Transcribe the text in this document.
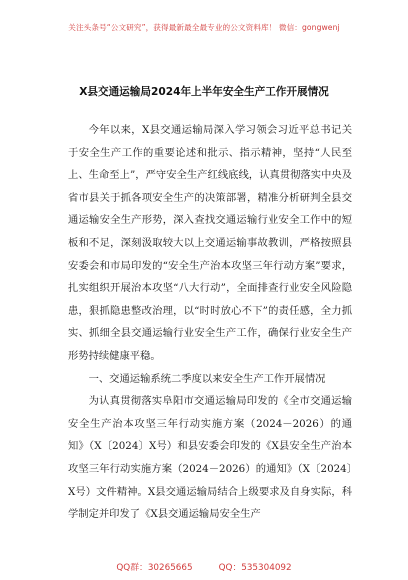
关注头条号“公文研究”，获得最新最全最专业的公文资料库！ 微信：gongwenj
X县交通运输局2024年上半年安全生产工作开展情况

今年以来，X县交通运输局深入学习领会习近平总书记关于安全生产工作的重要论述和批示、指示精神，坚持“人民至上、生命至上”，严守安全生产红线底线，认真贯彻落实中央及省市县关于抓各项安全生产的决策部署，精准分析研判全县交通运输安全生产形势，深入查找交通运输行业安全工作中的短板和不足，深刻汲取较大以上交通运输事故教训，严格按照县安委会和市局印发的“安全生产治本攻坚三年行动方案”要求，扎实组织开展治本攻坚“八大行动”，全面排查行业安全风险隐患，狠抓隐患整改治理，以“时时放心不下”的责任感，全力抓实、抓细全县交通运输行业安全生产工作，确保行业安全生产形势持续健康平稳。

一、交通运输系统二季度以来安全生产工作开展情况

为认真贯彻落实阜阳市交通运输局印发的《全市交通运输安全生产治本攻坚三年行动实施方案（2024－2026）的通知》（X〔2024〕X号）和县安委会印发的《X县安全生产治本攻坚三年行动实施方案（2024－2026）的通知》（X〔2024〕X号）文件精神。X县交通运输局结合上级要求及自身实际，科学制定并印发了《X县交通运输局安全生产

QQ群：30265665	QQ：535304092
